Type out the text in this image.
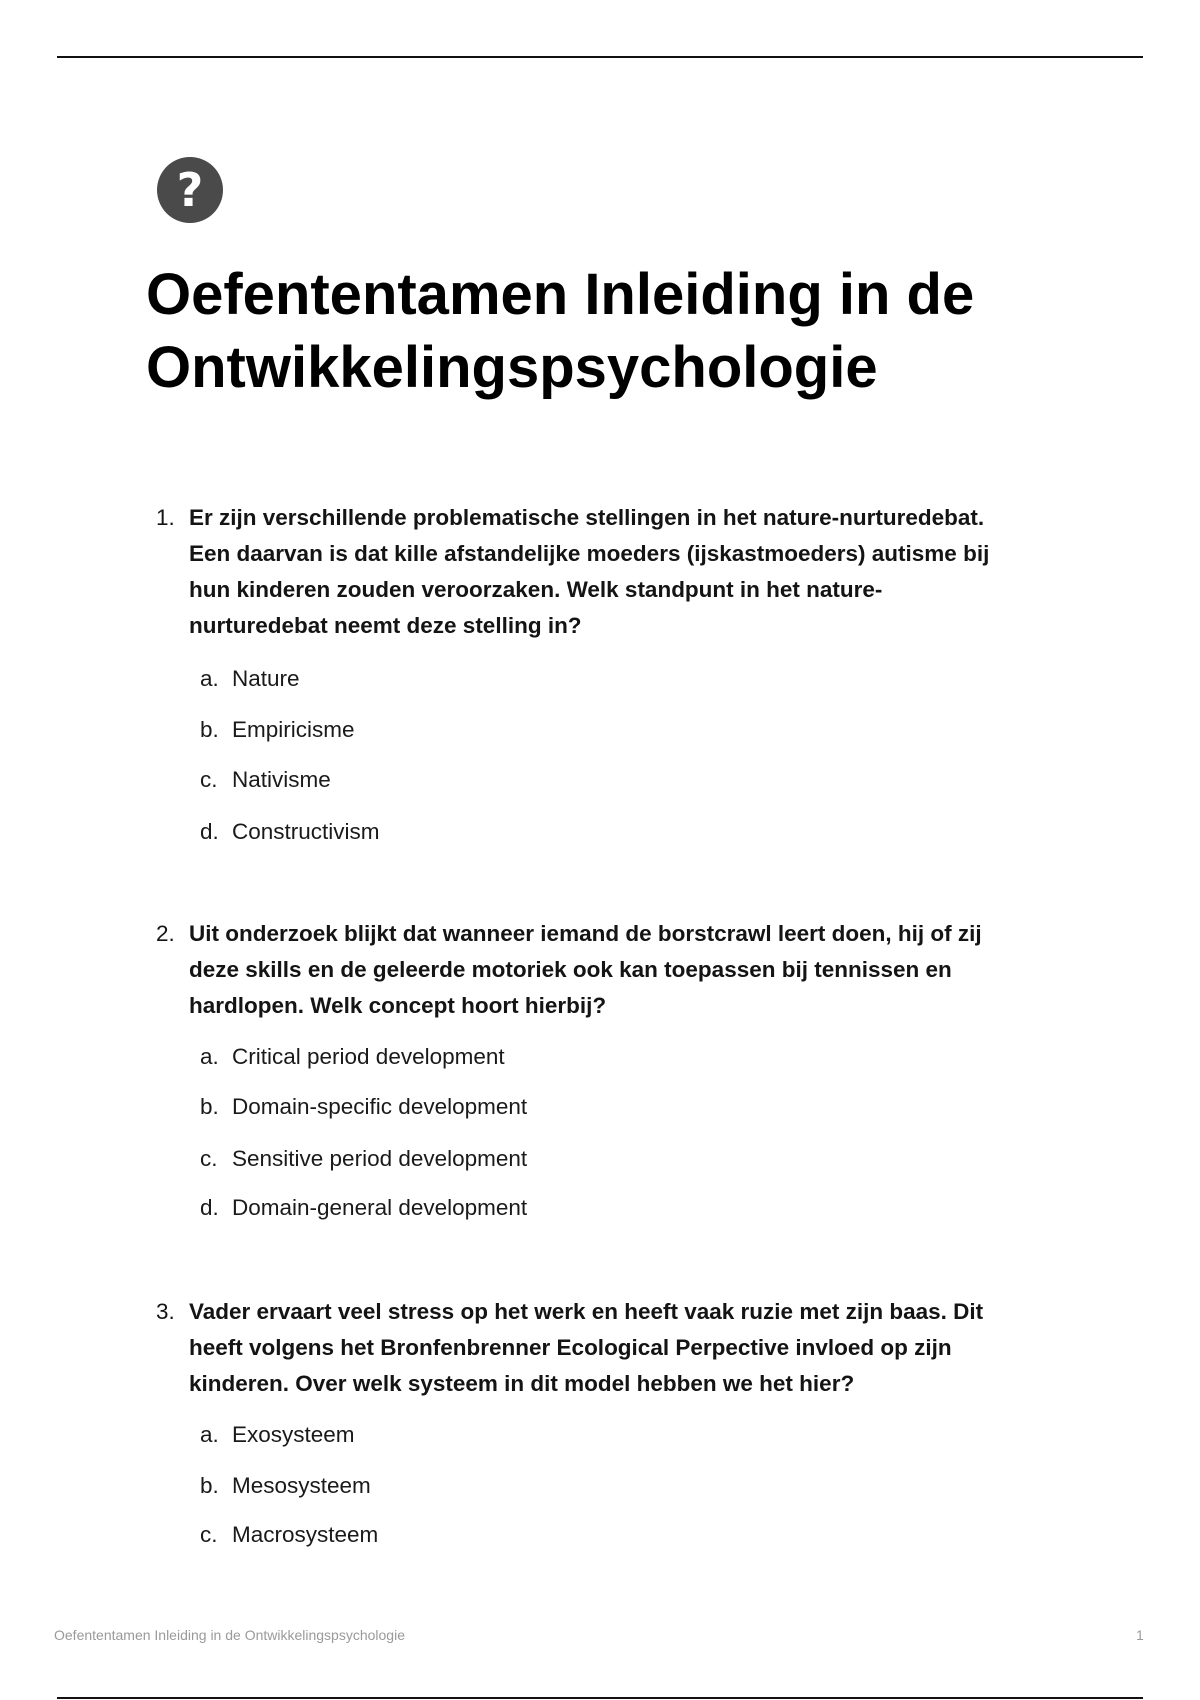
?
Oefententamen Inleiding in de
Ontwikkelingspsychologie
1. Er zijn verschillende problematische stellingen in het nature-nurturedebat.
Een daarvan is dat kille afstandelijke moeders (ijskastmoeders) autisme bij
hun kinderen zouden veroorzaken. Welk standpunt in het nature-
nurturedebat neemt deze stelling in?
a. Nature
b. Empiricisme
c. Nativisme
d. Constructivism
2. Uit onderzoek blijkt dat wanneer iemand de borstcrawl leert doen, hij of zij
deze skills en de geleerde motoriek ook kan toepassen bij tennissen en
hardlopen. Welk concept hoort hierbij?
a. Critical period development
b. Domain-specific development
c. Sensitive period development
d. Domain-general development
3. Vader ervaart veel stress op het werk en heeft vaak ruzie met zijn baas. Dit
heeft volgens het Bronfenbrenner Ecological Perpective invloed op zijn
kinderen. Over welk systeem in dit model hebben we het hier?
a. Exosysteem
b. Mesosysteem
c. Macrosysteem
Oefententamen Inleiding in de Ontwikkelingspsychologie	1
